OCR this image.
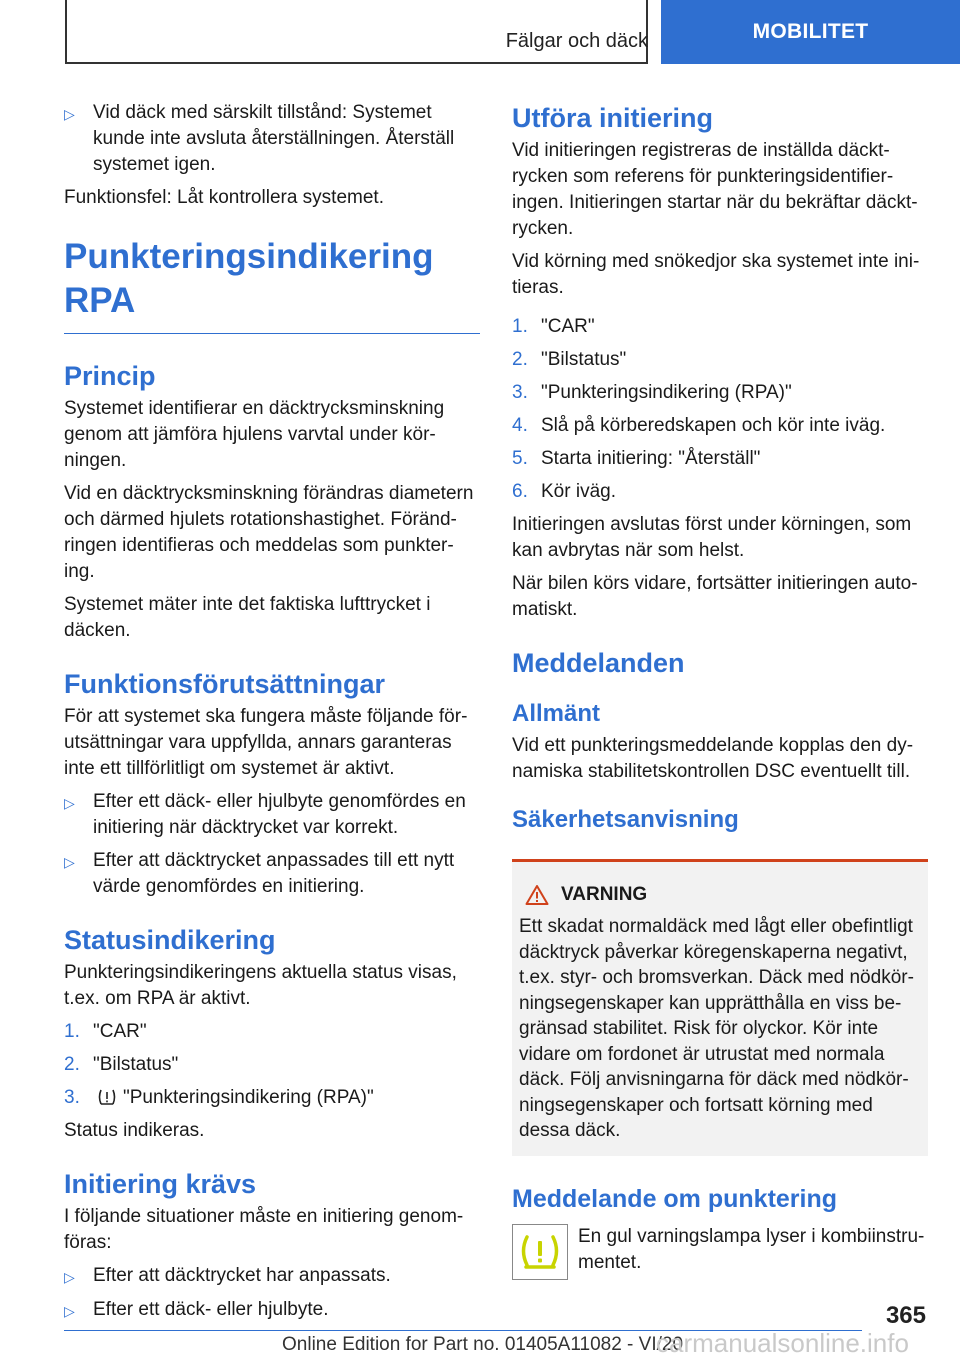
Fälgar och däck	MOBILITET
▷ Vid däck med särskilt tillstånd: Systemet kunde inte avsluta återställningen. Återställ systemet igen.

Funktionsfel: Låt kontrollera systemet.

Punkteringsindikering RPA
Princip

Systemet identifierar en däcktrycksminskning genom att jämföra hjulens varvtal under kör-ningen.

Vid en däcktrycksminskning förändras diametern och därmed hjulets rotationshastighet. Föränd-ringen identifieras och meddelas som punkter-ing.

Systemet mäter inte det faktiska lufttrycket i däcken.

Funktionsförutsättningar

För att systemet ska fungera måste följande för-utsättningar vara uppfyllda, annars garanteras inte ett tillförlitligt om systemet är aktivt.

▷ Efter ett däck- eller hjulbyte genomfördes en initiering när däcktrycket var korrekt.
▷ Efter att däcktrycket anpassades till ett nytt värde genomfördes en initiering.
Statusindikering

Punkteringsindikeringens aktuella status visas, t.ex. om RPA är aktivt.

1. "CAR"
2. "Bilstatus"
3.	"Punkteringsindikering (RPA)"

Status indikeras.

Initiering krävs

I följande situationer måste en initiering genom-föras:

▷ Efter att däcktrycket har anpassats.
▷ Efter ett däck- eller hjulbyte.
Utföra initiering

Vid initieringen registreras de inställda däckt-rycken som referens för punkteringsidentifier-ingen. Initieringen startar när du bekräftar däckt-rycken.

Vid körning med snökedjor ska systemet inte ini-tieras.

1. "CAR"
2. "Bilstatus"
3. "Punkteringsindikering (RPA)"
4. Slå på körberedskapen och kör inte iväg.
5. Starta initiering: "Återställ"
6. Kör iväg.

Initieringen avslutas först under körningen, som kan avbrytas när som helst.

När bilen körs vidare, fortsätter initieringen auto-matiskt.

Meddelanden
Allmänt

Vid ett punkteringsmeddelande kopplas den dy-namiska stabilitetskontrollen DSC eventuellt till.

Säkerhetsanvisning
VARNING
Ett skadat normaldäck med lågt eller obefintligt däcktryck påverkar köregenskaperna negativt, t.ex. styr- och bromsverkan. Däck med nödkör-ningsegenskaper kan upprätthålla en viss be-gränsad stabilitet. Risk för olyckor. Kör inte vidare om fordonet är utrustat med normala däck. Följ anvisningarna för däck med nödkör-ningsegenskaper och fortsatt körning med dessa däck.
Meddelande om punktering
En gul varningslampa lyser i kombiinstru-mentet.
365
Online Edition for Part no. 01405A11082 - VI/20
carmanualsonline.info
